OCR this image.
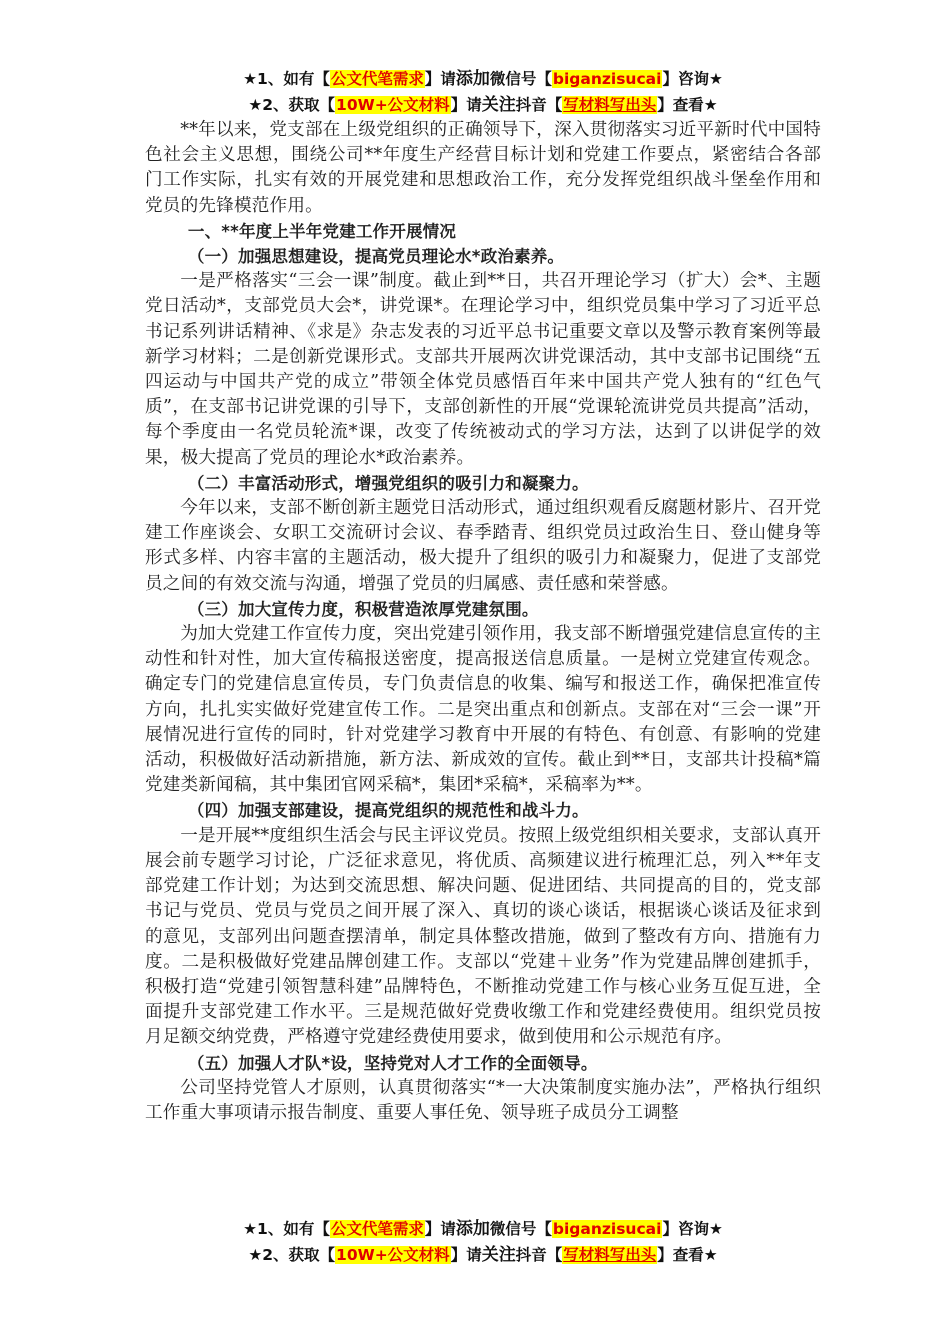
★1、如有【公文代笔需求】请添加微信号【biganzisucai】咨询★
★2、获取【10W+公文材料】请关注抖音【写材料写出头】查看★

**年以来，党支部在上级党组织的正确领导下，深入贯彻落实习近平新时代中国特色社会主义思想，围绕公司**年度生产经营目标计划和党建工作要点，紧密结合各部门工作实际，扎实有效的开展党建和思想政治工作，充分发挥党组织战斗堡垒作用和党员的先锋模范作用。

一、**年度上半年党建工作开展情况

（一）加强思想建设，提高党员理论水*政治素养。

一是严格落实“三会一课”制度。截止到**日，共召开理论学习（扩大）会*、主题党日活动*，支部党员大会*，讲党课*。在理论学习中，组织党员集中学习了习近平总书记系列讲话精神、《求是》杂志发表的习近平总书记重要文章以及警示教育案例等最新学习材料；二是创新党课形式。支部共开展两次讲党课活动，其中支部书记围绕“五四运动与中国共产党的成立”带领全体党员感悟百年来中国共产党人独有的“红色气质”，在支部书记讲党课的引导下，支部创新性的开展“党课轮流讲党员共提高”活动，每个季度由一名党员轮流*课，改变了传统被动式的学习方法，达到了以讲促学的效果，极大提高了党员的理论水*政治素养。

（二）丰富活动形式，增强党组织的吸引力和凝聚力。

今年以来，支部不断创新主题党日活动形式，通过组织观看反腐题材影片、召开党建工作座谈会、女职工交流研讨会议、春季踏青、组织党员过政治生日、登山健身等形式多样、内容丰富的主题活动，极大提升了组织的吸引力和凝聚力，促进了支部党员之间的有效交流与沟通，增强了党员的归属感、责任感和荣誉感。

（三）加大宣传力度，积极营造浓厚党建氛围。

为加大党建工作宣传力度，突出党建引领作用，我支部不断增强党建信息宣传的主动性和针对性，加大宣传稿报送密度，提高报送信息质量。一是树立党建宣传观念。确定专门的党建信息宣传员，专门负责信息的收集、编写和报送工作，确保把准宣传方向，扎扎实实做好党建宣传工作。二是突出重点和创新点。支部在对“三会一课”开展情况进行宣传的同时，针对党建学习教育中开展的有特色、有创意、有影响的党建活动，积极做好活动新措施，新方法、新成效的宣传。截止到**日，支部共计投稿*篇党建类新闻稿，其中集团官网采稿*，集团*采稿*，采稿率为**。

（四）加强支部建设，提高党组织的规范性和战斗力。

一是开展**度组织生活会与民主评议党员。按照上级党组织相关要求，支部认真开展会前专题学习讨论，广泛征求意见，将优质、高频建议进行梳理汇总，列入**年支部党建工作计划；为达到交流思想、解决问题、促进团结、共同提高的目的，党支部书记与党员、党员与党员之间开展了深入、真切的谈心谈话，根据谈心谈话及征求到的意见，支部列出问题查摆清单，制定具体整改措施，做到了整改有方向、措施有力度。二是积极做好党建品牌创建工作。支部以“党建＋业务”作为党建品牌创建抓手，积极打造“党建引领智慧科建”品牌特色，不断推动党建工作与核心业务互促互进，全面提升支部党建工作水平。三是规范做好党费收缴工作和党建经费使用。组织党员按月足额交纳党费，严格遵守党建经费使用要求，做到使用和公示规范有序。

（五）加强人才队*设，坚持党对人才工作的全面领导。

公司坚持党管人才原则，认真贯彻落实“*一大决策制度实施办法”，严格执行组织工作重大事项请示报告制度、重要人事任免、领导班子成员分工调整

★1、如有【公文代笔需求】请添加微信号【biganzisucai】咨询★
★2、获取【10W+公文材料】请关注抖音【写材料写出头】查看★
